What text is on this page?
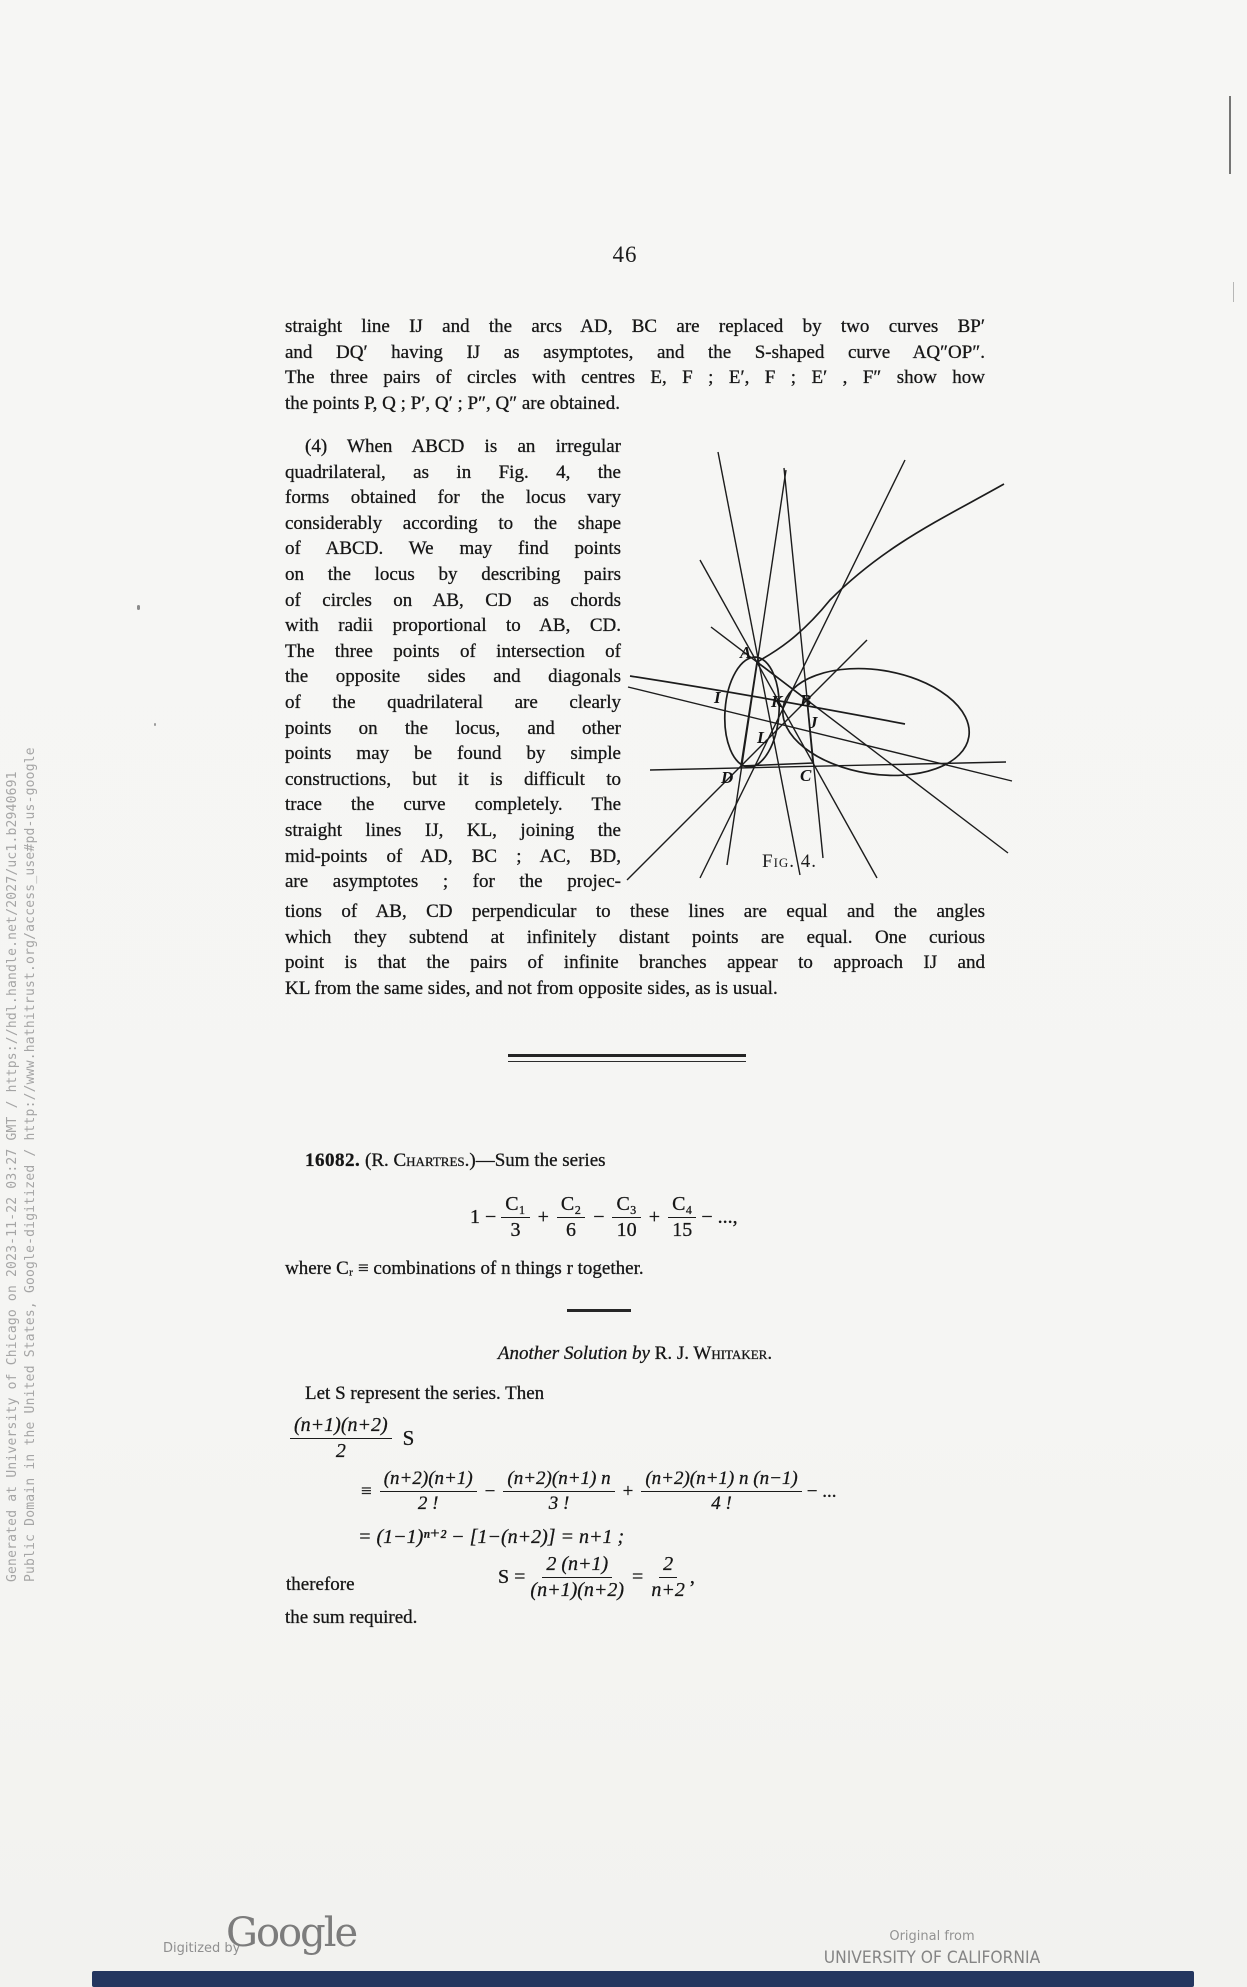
Generated at University of Chicago on 2023-11-22 03:27 GMT / https://hdl.handle.net/2027/uc1.b2940691 Public Domain in the United States, Google-digitized / http://www.hathitrust.org/access_use#pd-us-google
46
straight line IJ and the arcs AD, BC are replaced by two curves BP′
and DQ′ having IJ as asymptotes, and the S-shaped curve AQ″OP″.
The three pairs of circles with centres E, F ; E′, F ; E′ , F″ show how
the points P, Q ; P′, Q′ ; P″, Q″ are obtained.
(4) When ABCD is an irregular
quadrilateral, as in Fig. 4, the
forms obtained for the locus vary
considerably according to the shape
of ABCD. We may find points
on the locus by describing pairs
of circles on AB, CD as chords
with radii proportional to AB, CD.
The three points of intersection of
the opposite sides and diagonals
of the quadrilateral are clearly
points on the locus, and other
points may be found by simple
constructions, but it is difficult to
trace the curve completely. The
straight lines IJ, KL, joining the
mid-points of AD, BC ; AC, BD,
are asymptotes ; for the projec-
tions of AB, CD perpendicular to these lines are equal and the angles
which they subtend at infinitely distant points are equal. One curious
point is that the pairs of infinite branches appear to approach IJ and
KL from the same sides, and not from opposite sides, as is usual.
A
I	K B
J
L
D	C
Fig. 4.
16082. (R. Chartres.)—Sum the series
$1 - \frac{\text{C₁}}{3} + \frac{\text{C₂}}{6} - \frac{\text{C₃}}{10} + \frac{\text{C₄}}{15}$ − ...,
where Cᵣ ≡ combinations of n things r together.
Another Solution by R. J. Whitaker.
Let S represent the series. Then
$\frac{(n+1)(n+2)}{2}$ S
≡ $\frac{(n+2)(n+1)}{2 !} - \frac{(n+2)(n+1) n}{3 !} + \frac{(n+2)(n+1) n (n-1)}{4 !}$ − ...
= (1−1)ⁿ⁺² − [1−(n+2)] = n+1 ;
therefore	$S = \frac{2 (n+1)}{(n+1)(n+2)} = \frac{2}{n+2}$ ,
the sum required.
Digitized by
Google	Original from
UNIVERSITY OF CALIFORNIA
